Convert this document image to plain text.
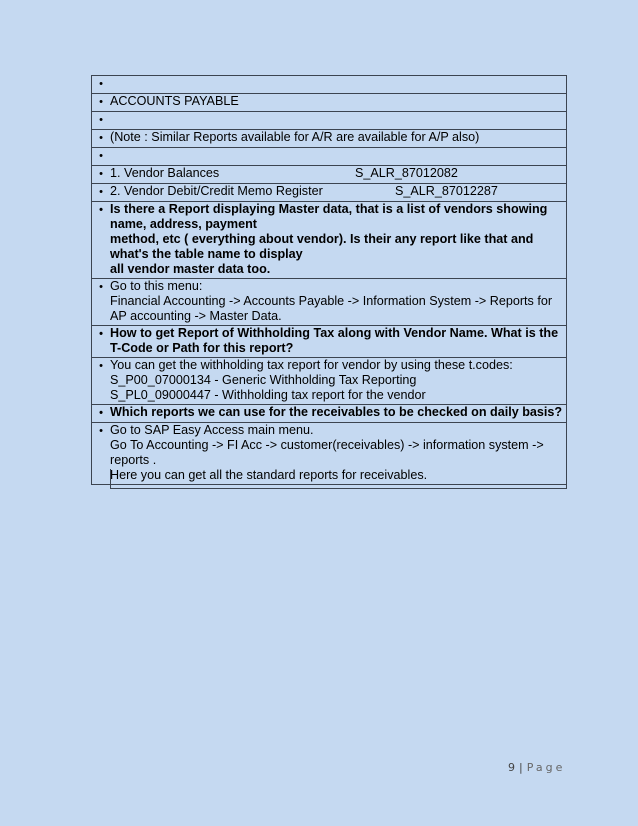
•
• ACCOUNTS PAYABLE
•
• (Note : Similar Reports available for A/R are available for A/P also)
•
• 1. Vendor Balances	S_ALR_87012082
• 2. Vendor Debit/Credit Memo Register	S_ALR_87012287
• Is there a Report displaying Master data, that is a list of vendors showing
name, address, payment
method, etc ( everything about vendor). Is their any report like that and
what's the table name to display
all vendor master data too.
• Go to this menu:
Financial Accounting -> Accounts Payable -> Information System -> Reports for
AP accounting -> Master Data.
• How to get Report of Withholding Tax along with Vendor Name. What is the
T-Code or Path for this report?
• You can get the withholding tax report for vendor by using these t.codes:
S_P00_07000134 - Generic Withholding Tax Reporting
S_PL0_09000447 - Withholding tax report for the vendor
• Which reports we can use for the receivables to be checked on daily basis?
• Go to SAP Easy Access main menu.
Go To Accounting -> FI Acc -> customer(receivables) -> information system ->
reports .
Here you can get all the standard reports for receivables.
9 | Page
